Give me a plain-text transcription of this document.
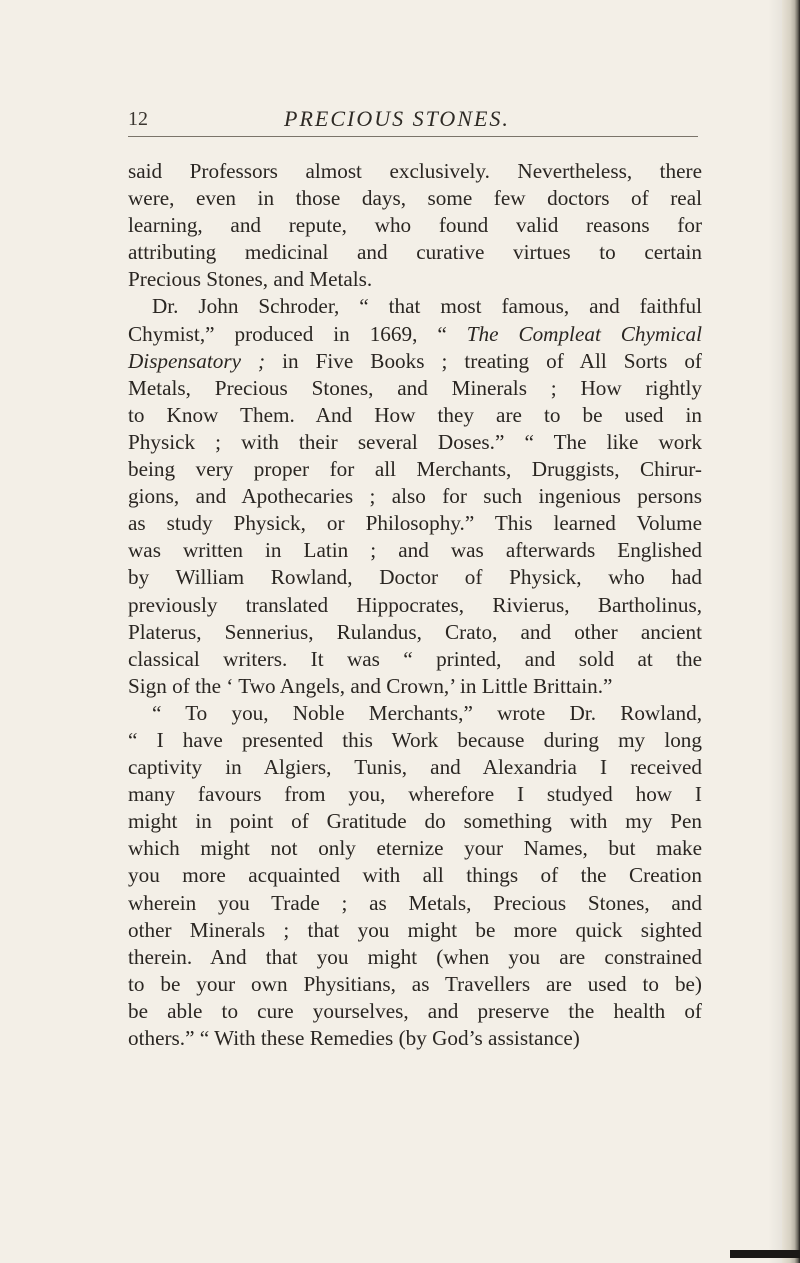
12	PRECIOUS STONES.
said Professors almost exclusively. Nevertheless, there
were, even in those days, some few doctors of real
learning, and repute, who found valid reasons for
attributing medicinal and curative virtues to certain
Precious Stones, and Metals.
Dr. John Schroder, “ that most famous, and faithful
Chymist,” produced in 1669, “ The Compleat Chymical
Dispensatory ; in Five Books ; treating of All Sorts of
Metals, Precious Stones, and Minerals ; How rightly
to Know Them. And How they are to be used in
Physick ; with their several Doses.” “ The like work
being very proper for all Merchants, Druggists, Chirur-
gions, and Apothecaries ; also for such ingenious persons
as study Physick, or Philosophy.” This learned Volume
was written in Latin ; and was afterwards Englished
by William Rowland, Doctor of Physick, who had
previously translated Hippocrates, Rivierus, Bartholinus,
Platerus, Sennerius, Rulandus, Crato, and other ancient
classical writers. It was “ printed, and sold at the
Sign of the ‘ Two Angels, and Crown,’ in Little Brittain.”
“ To you, Noble Merchants,” wrote Dr. Rowland,
“ I have presented this Work because during my long
captivity in Algiers, Tunis, and Alexandria I received
many favours from you, wherefore I studyed how I
might in point of Gratitude do something with my Pen
which might not only eternize your Names, but make
you more acquainted with all things of the Creation
wherein you Trade ; as Metals, Precious Stones, and
other Minerals ; that you might be more quick sighted
therein. And that you might (when you are constrained
to be your own Physitians, as Travellers are used to be)
be able to cure yourselves, and preserve the health of
others.” “ With these Remedies (by God’s assistance)
